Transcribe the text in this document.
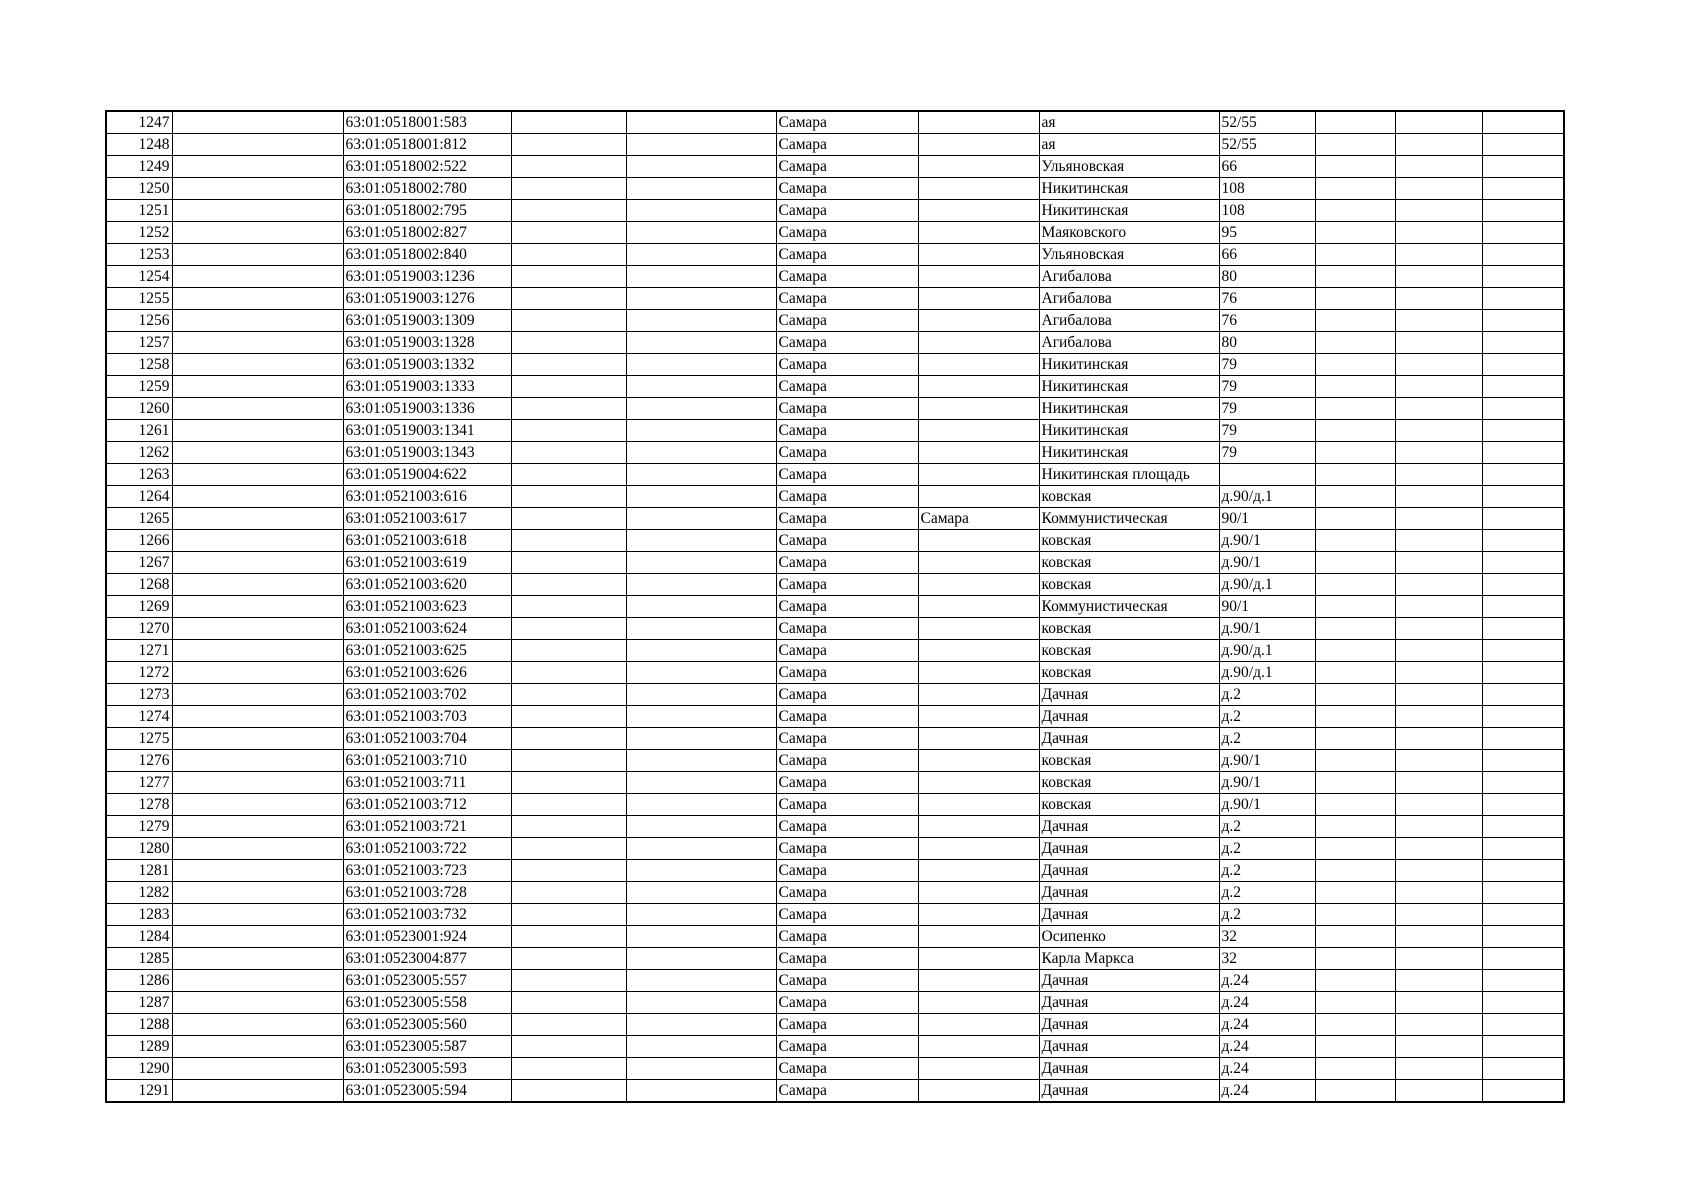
1247		63:01:0518001:583			Самара		ая	52/55			
1248		63:01:0518001:812			Самара		ая	52/55			
1249		63:01:0518002:522			Самара		Ульяновская	66			
1250		63:01:0518002:780			Самара		Никитинская	108			
1251		63:01:0518002:795			Самара		Никитинская	108			
1252		63:01:0518002:827			Самара		Маяковского	95			
1253		63:01:0518002:840			Самара		Ульяновская	66			
1254		63:01:0519003:1236			Самара		Агибалова	80			
1255		63:01:0519003:1276			Самара		Агибалова	76			
1256		63:01:0519003:1309			Самара		Агибалова	76			
1257		63:01:0519003:1328			Самара		Агибалова	80			
1258		63:01:0519003:1332			Самара		Никитинская	79			
1259		63:01:0519003:1333			Самара		Никитинская	79			
1260		63:01:0519003:1336			Самара		Никитинская	79			
1261		63:01:0519003:1341			Самара		Никитинская	79			
1262		63:01:0519003:1343			Самара		Никитинская	79			
1263		63:01:0519004:622			Самара		Никитинская площадь				
1264		63:01:0521003:616			Самара		ковская	д.90/д.1			
1265		63:01:0521003:617			Самара	Самара	Коммунистическая	90/1			
1266		63:01:0521003:618			Самара		ковская	д.90/1			
1267		63:01:0521003:619			Самара		ковская	д.90/1			
1268		63:01:0521003:620			Самара		ковская	д.90/д.1			
1269		63:01:0521003:623			Самара		Коммунистическая	90/1			
1270		63:01:0521003:624			Самара		ковская	д.90/1			
1271		63:01:0521003:625			Самара		ковская	д.90/д.1			
1272		63:01:0521003:626			Самара		ковская	д.90/д.1			
1273		63:01:0521003:702			Самара		Дачная	д.2			
1274		63:01:0521003:703			Самара		Дачная	д.2			
1275		63:01:0521003:704			Самара		Дачная	д.2			
1276		63:01:0521003:710			Самара		ковская	д.90/1			
1277		63:01:0521003:711			Самара		ковская	д.90/1			
1278		63:01:0521003:712			Самара		ковская	д.90/1			
1279		63:01:0521003:721			Самара		Дачная	д.2			
1280		63:01:0521003:722			Самара		Дачная	д.2			
1281		63:01:0521003:723			Самара		Дачная	д.2			
1282		63:01:0521003:728			Самара		Дачная	д.2			
1283		63:01:0521003:732			Самара		Дачная	д.2			
1284		63:01:0523001:924			Самара		Осипенко	32			
1285		63:01:0523004:877			Самара		Карла Маркса	32			
1286		63:01:0523005:557			Самара		Дачная	д.24			
1287		63:01:0523005:558			Самара		Дачная	д.24			
1288		63:01:0523005:560			Самара		Дачная	д.24			
1289		63:01:0523005:587			Самара		Дачная	д.24			
1290		63:01:0523005:593			Самара		Дачная	д.24			
1291		63:01:0523005:594			Самара		Дачная	д.24			
